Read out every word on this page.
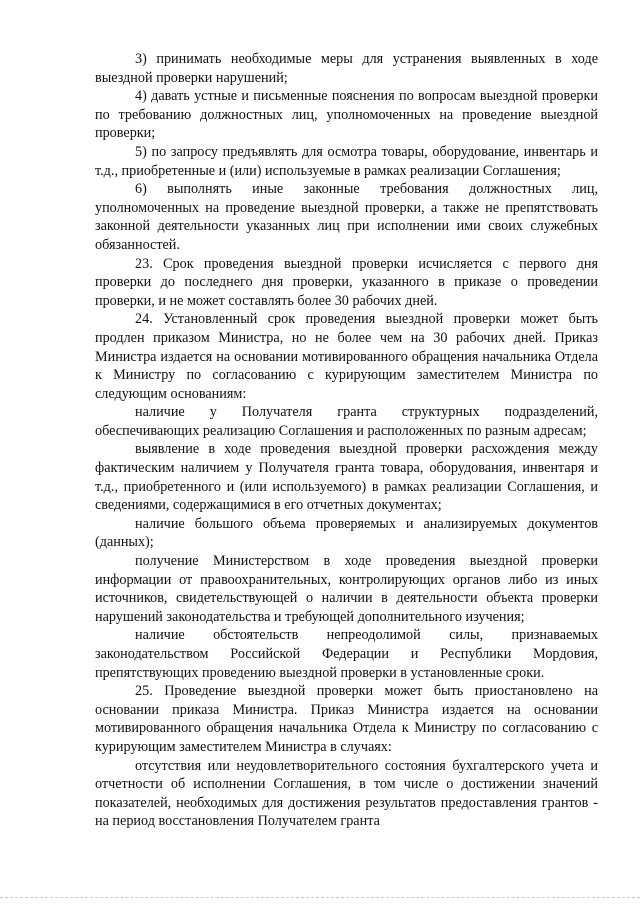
3) принимать необходимые меры для устранения выявленных в ходе выездной проверки нарушений;

4) давать устные и письменные пояснения по вопросам выездной проверки по требованию должностных лиц, уполномоченных на проведение выездной проверки;

5) по запросу предъявлять для осмотра товары, оборудование, инвентарь и т.д., приобретенные и (или) используемые в рамках реализации Соглашения;

6) выполнять иные законные требования должностных лиц, уполномоченных на проведение выездной проверки, а также не препятствовать законной деятельности указанных лиц при исполнении ими своих служебных обязанностей.

23. Срок проведения выездной проверки исчисляется с первого дня проверки до последнего дня проверки, указанного в приказе о проведении проверки, и не может составлять более 30 рабочих дней.

24. Установленный срок проведения выездной проверки может быть продлен приказом Министра, но не более чем на 30 рабочих дней. Приказ Министра издается на основании мотивированного обращения начальника Отдела к Министру по согласованию с курирующим заместителем Министра по следующим основаниям:

наличие у Получателя гранта структурных подразделений, обеспечивающих реализацию Соглашения и расположенных по разным адресам;

выявление в ходе проведения выездной проверки расхождения между фактическим наличием у Получателя гранта товара, оборудования, инвентаря и т.д., приобретенного и (или используемого) в рамках реализации Соглашения, и сведениями, содержащимися в его отчетных документах;

наличие большого объема проверяемых и анализируемых документов (данных);

получение Министерством в ходе проведения выездной проверки информации от правоохранительных, контролирующих органов либо из иных источников, свидетельствующей о наличии в деятельности объекта проверки нарушений законодательства и требующей дополнительного изучения;

наличие обстоятельств непреодолимой силы, признаваемых законодательством Российской Федерации и Республики Мордовия, препятствующих проведению выездной проверки в установленные сроки.

25. Проведение выездной проверки может быть приостановлено на основании приказа Министра. Приказ Министра издается на основании мотивированного обращения начальника Отдела к Министру по согласованию с курирующим заместителем Министра в случаях:

отсутствия или неудовлетворительного состояния бухгалтерского учета и отчетности об исполнении Соглашения, в том числе о достижении значений показателей, необходимых для достижения результатов предоставления грантов - на период восстановления Получателем гранта
